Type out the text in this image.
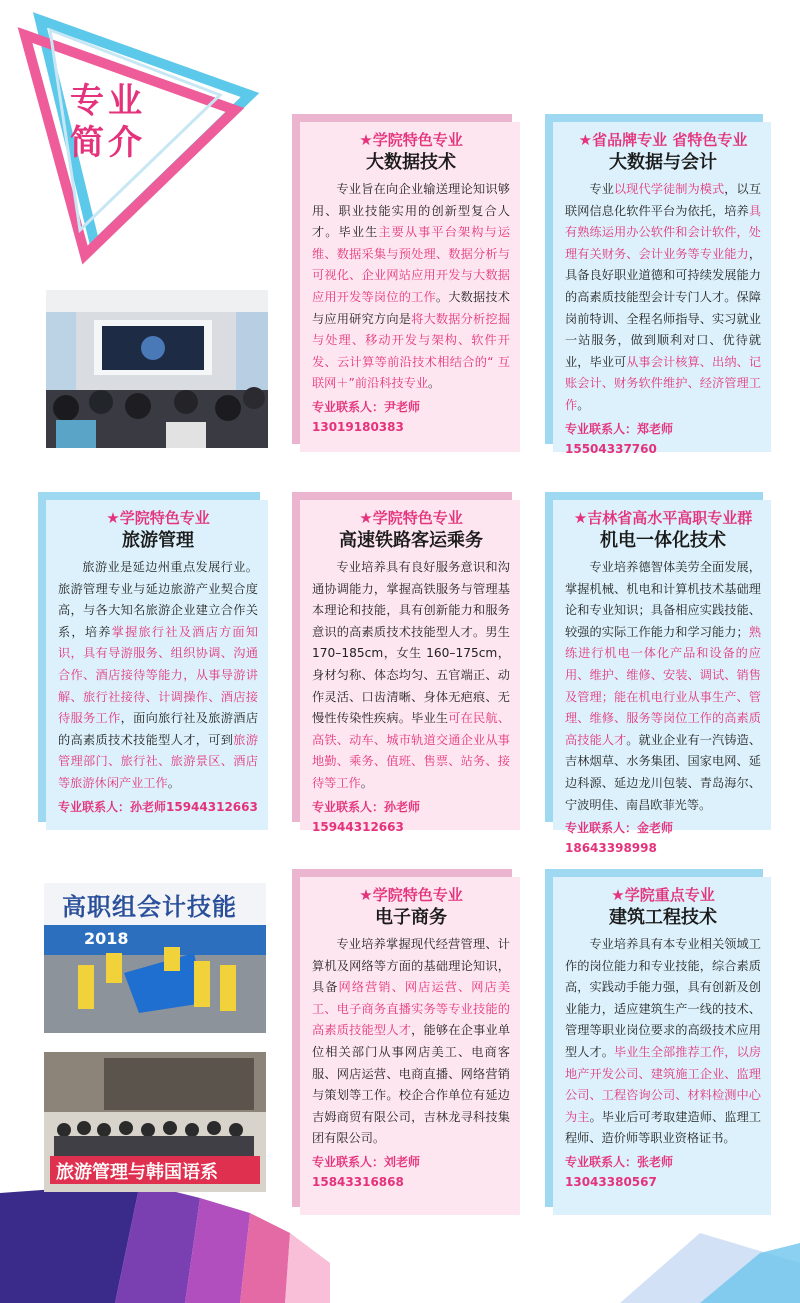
专业
简介
高职组会计技能
2018
旅游管理与韩国语系
★学院特色专业
大数据技术
专业旨在向企业输送理论知识够用、职业技能实用的创新型复合人才。毕业生主要从事平台架构与运维、数据采集与预处理、数据分析与可视化、企业网站应用开发与大数据应用开发等岗位的工作。大数据技术与应用研究方向是将大数据分析挖掘与处理、移动开发与架构、软件开发、云计算等前沿技术相结合的“ 互联网＋”前沿科技专业。
专业联系人：尹老师13019180383
★省品牌专业 省特色专业
大数据与会计
专业以现代学徒制为模式，以互联网信息化软件平台为依托，培养具有熟练运用办公软件和会计软件，处理有关财务、会计业务等专业能力，具备良好职业道德和可持续发展能力的高素质技能型会计专门人才。保障岗前特训、全程名师指导、实习就业一站服务，做到顺利对口、优待就业，毕业可从事会计核算、出纳、记账会计、财务软件维护、经济管理工作。
专业联系人：郑老师15504337760
★学院特色专业
旅游管理
旅游业是延边州重点发展行业。旅游管理专业与延边旅游产业契合度高，与各大知名旅游企业建立合作关系，培养掌握旅行社及酒店方面知识，具有导游服务、组织协调、沟通合作、酒店接待等能力，从事导游讲解、旅行社接待、计调操作、酒店接待服务工作，面向旅行社及旅游酒店的高素质技术技能型人才，可到旅游管理部门、旅行社、旅游景区、酒店等旅游休闲产业工作。
专业联系人：孙老师15944312663
★学院特色专业
高速铁路客运乘务
专业培养具有良好服务意识和沟通协调能力，掌握高铁服务与管理基本理论和技能，具有创新能力和服务意识的高素质技术技能型人才。男生 170–185cm，女生 160–175cm，身材匀称、体态均匀、五官端正、动作灵活、口齿清晰、身体无疤痕、无慢性传染性疾病。毕业生可在民航、高铁、动车、城市轨道交通企业从事地勤、乘务、值班、售票、站务、接待等工作。
专业联系人：孙老师15944312663
★吉林省高水平高职专业群
机电一体化技术
专业培养德智体美劳全面发展，掌握机械、机电和计算机技术基础理论和专业知识；具备相应实践技能、较强的实际工作能力和学习能力；熟练进行机电一体化产品和设备的应用、维护、维修、安装、调试、销售及管理；能在机电行业从事生产、管理、维修、服务等岗位工作的高素质高技能人才。就业企业有一汽铸造、吉林烟草、水务集团、国家电网、延边科源、延边龙川包装、青岛海尔、宁波明佳、南昌欧菲光等。
专业联系人：金老师18643398998
★学院特色专业
电子商务
专业培养掌握现代经营管理、计算机及网络等方面的基础理论知识，具备网络营销、网店运营、网店美工、电子商务直播实务等专业技能的高素质技能型人才，能够在企事业单位相关部门从事网店美工、电商客服、网店运营、电商直播、网络营销与策划等工作。校企合作单位有延边吉姆商贸有限公司，吉林龙寻科技集团有限公司。
专业联系人：刘老师 15843316868
★学院重点专业
建筑工程技术
专业培养具有本专业相关领域工作的岗位能力和专业技能，综合素质高，实践动手能力强，具有创新及创业能力，适应建筑生产一线的技术、管理等职业岗位要求的高级技术应用型人才。毕业生全部推荐工作，以房地产开发公司、建筑施工企业、监理公司、工程咨询公司、材料检测中心为主。毕业后可考取建造师、监理工程师、造价师等职业资格证书。
专业联系人：张老师 13043380567
